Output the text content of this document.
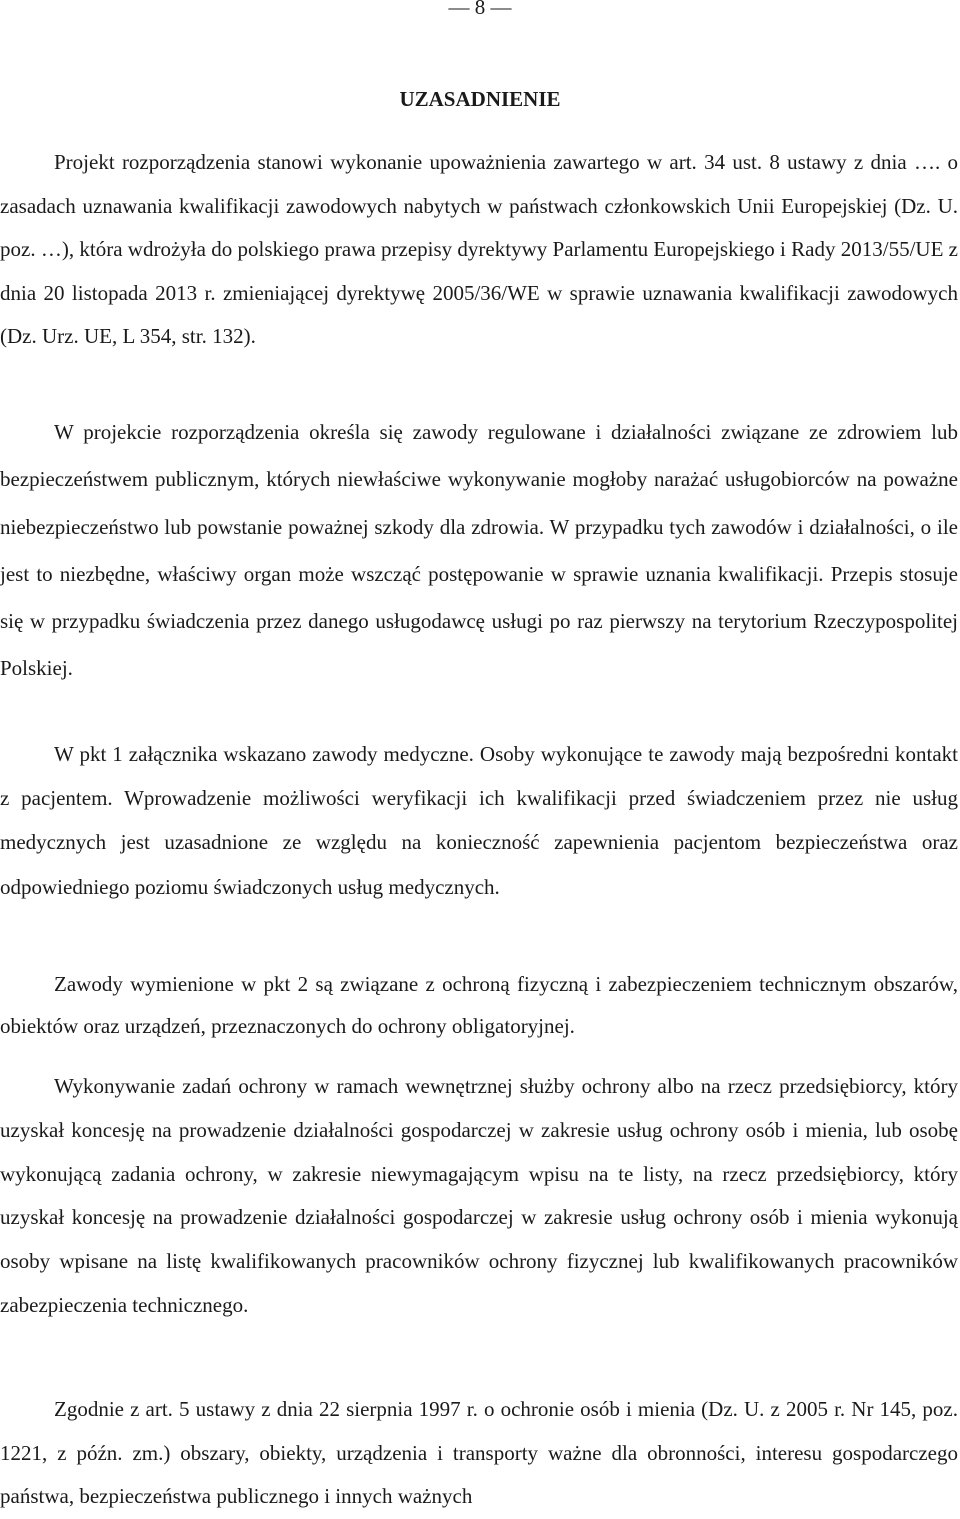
— 8 —
UZASADNIENIE

Projekt rozporządzenia stanowi wykonanie upoważnienia zawartego w art. 34 ust. 8 ustawy z dnia …. o zasadach uznawania kwalifikacji zawodowych nabytych w państwach członkowskich Unii Europejskiej (Dz. U. poz. …), która wdrożyła do polskiego prawa przepisy dyrektywy Parlamentu Europejskiego i Rady 2013/55/UE z dnia 20 listopada 2013 r. zmieniającej dyrektywę 2005/36/WE w sprawie uznawania kwalifikacji zawodowych (Dz. Urz. UE, L 354, str. 132).

W projekcie rozporządzenia określa się zawody regulowane i działalności związane ze zdrowiem lub bezpieczeństwem publicznym, których niewłaściwe wykonywanie mogłoby narażać usługobiorców na poważne niebezpieczeństwo lub powstanie poważnej szkody dla zdrowia. W przypadku tych zawodów i działalności, o ile jest to niezbędne, właściwy organ może wszcząć postępowanie w sprawie uznania kwalifikacji. Przepis stosuje się w przypadku świadczenia przez danego usługodawcę usługi po raz pierwszy na terytorium Rzeczypospolitej Polskiej.

W pkt 1 załącznika wskazano zawody medyczne. Osoby wykonujące te zawody mają bezpośredni kontakt z pacjentem. Wprowadzenie możliwości weryfikacji ich kwalifikacji przed świadczeniem przez nie usług medycznych jest uzasadnione ze względu na konieczność zapewnienia pacjentom bezpieczeństwa oraz odpowiedniego poziomu świadczonych usług medycznych.

Zawody wymienione w pkt 2 są związane z ochroną fizyczną i zabezpieczeniem technicznym obszarów, obiektów oraz urządzeń, przeznaczonych do ochrony obligatoryjnej.

Wykonywanie zadań ochrony w ramach wewnętrznej służby ochrony albo na rzecz przedsiębiorcy, który uzyskał koncesję na prowadzenie działalności gospodarczej w zakresie usług ochrony osób i mienia, lub osobę wykonującą zadania ochrony, w zakresie niewymagającym wpisu na te listy, na rzecz przedsiębiorcy, który uzyskał koncesję na prowadzenie działalności gospodarczej w zakresie usług ochrony osób i mienia wykonują osoby wpisane na listę kwalifikowanych pracowników ochrony fizycznej lub kwalifikowanych pracowników zabezpieczenia technicznego.

Zgodnie z art. 5 ustawy z dnia 22 sierpnia 1997 r. o ochronie osób i mienia (Dz. U. z 2005 r. Nr 145, poz. 1221, z późn. zm.) obszary, obiekty, urządzenia i transporty ważne dla obronności, interesu gospodarczego państwa, bezpieczeństwa publicznego i innych ważnych
